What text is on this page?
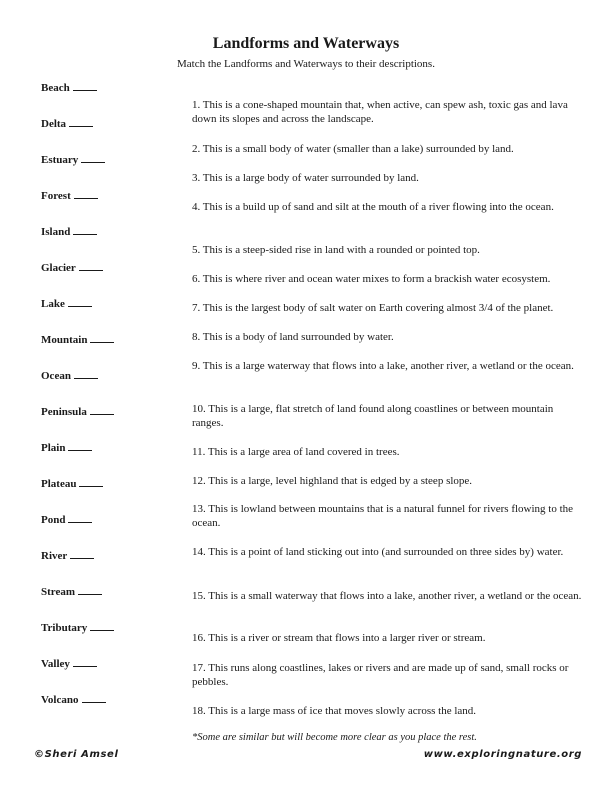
Landforms and Waterways

Match the Landforms and Waterways to their descriptions.

Beach
Delta
Estuary
Forest
Island
Glacier
Lake
Mountain
Ocean
Peninsula
Plain
Plateau
Pond
River
Stream
Tributary
Valley
Volcano
1. This is a cone-shaped mountain that, when active, can spew ash, toxic gas and lava down its slopes and across the landscape.
2. This is a small body of water (smaller than a lake) surrounded by land.
3. This is a large body of water surrounded by land.
4. This is a build up of sand and silt at the mouth of a river flowing into the ocean.
5. This is a steep-sided rise in land with a rounded or pointed top.
6. This is where river and ocean water mixes to form a brackish water ecosystem.
7. This is the largest body of salt water on Earth covering almost 3/4 of the planet.
8. This is a body of land surrounded by water.
9. This is a large waterway that flows into a lake, another river, a wetland or the ocean.
10. This is a large, flat stretch of land found along coastlines or between mountain ranges.
11. This is a large area of land covered in trees.
12. This is a large, level highland that is edged by a steep slope.
13. This is lowland between mountains that is a natural funnel for rivers flowing to the ocean.
14. This is a point of land sticking out into (and surrounded on three sides by) water.
15. This is a small waterway that flows into a lake, another river, a wetland or the ocean.
16. This is a river or stream that flows into a larger river or stream.
17. This runs along coastlines, lakes or rivers and are made up of sand, small rocks or pebbles.
18. This is a large mass of ice that moves slowly across the land.
*Some are similar but will become more clear as you place the rest.
©Sheri Amsel	www.exploringnature.org
